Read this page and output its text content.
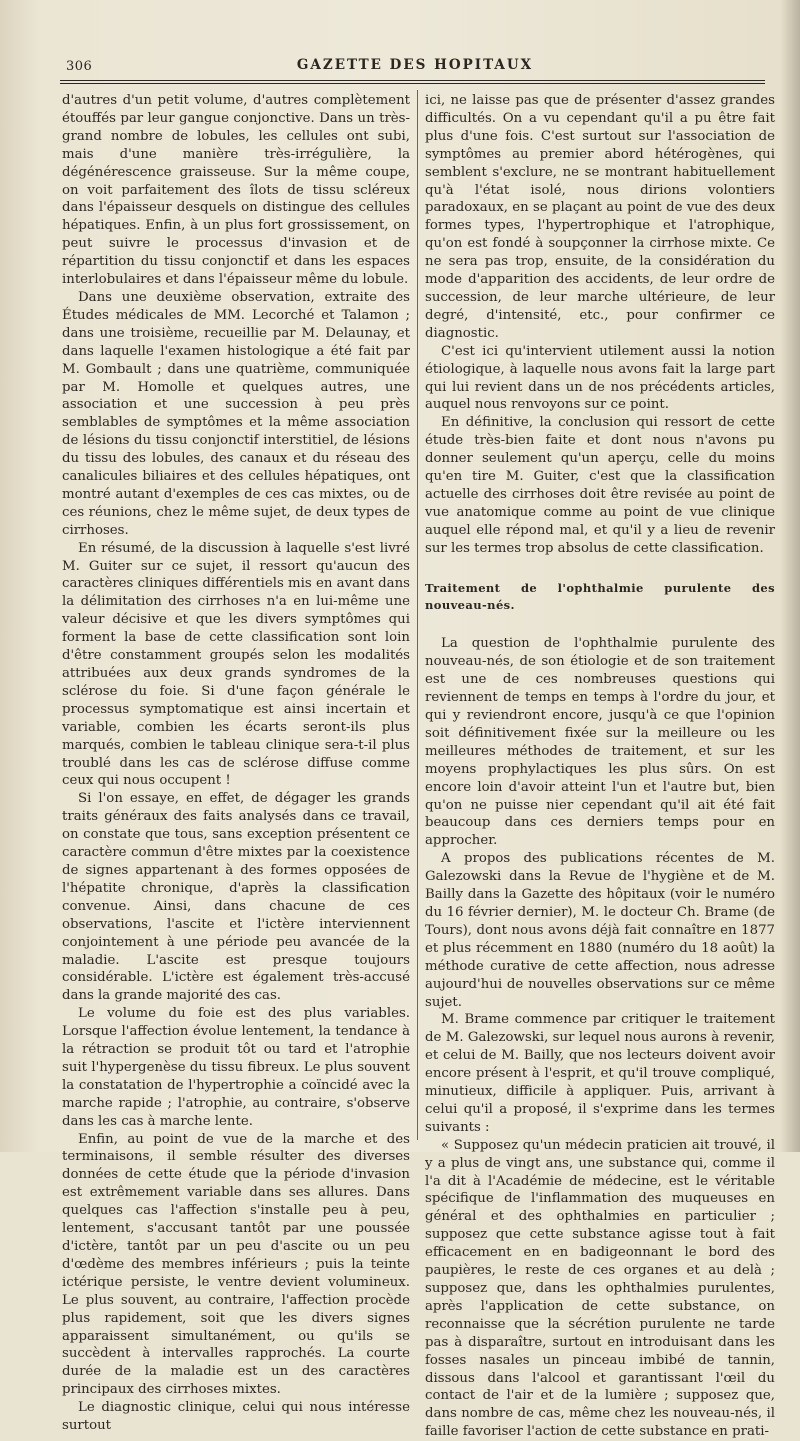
306	GAZETTE DES HOPITAUX

d'autres d'un petit volume, d'autres complètement étouffés par leur gangue conjonctive. Dans un très-grand nombre de lobules, les cellules ont subi, mais d'une manière très-irrégulière, la dégénérescence graisseuse. Sur la même coupe, on voit parfaitement des îlots de tissu scléreux dans l'épaisseur desquels on distingue des cellules hépatiques. Enfin, à un plus fort grossissement, on peut suivre le processus d'invasion et de répartition du tissu conjonctif et dans les espaces interlobulaires et dans l'épaisseur même du lobule.

Dans une deuxième observation, extraite des Études médicales de MM. Lecorché et Talamon ; dans une troisième, recueillie par M. Delaunay, et dans laquelle l'examen histologique a été fait par M. Gombault ; dans une quatrième, communiquée par M. Homolle et quelques autres, une association et une succession à peu près semblables de symptômes et la même association de lésions du tissu conjonctif interstitiel, de lésions du tissu des lobules, des canaux et du réseau des canalicules biliaires et des cellules hépatiques, ont montré autant d'exemples de ces cas mixtes, ou de ces réunions, chez le même sujet, de deux types de cirrhoses.

En résumé, de la discussion à laquelle s'est livré M. Guiter sur ce sujet, il ressort qu'aucun des caractères cliniques différentiels mis en avant dans la délimitation des cirrhoses n'a en lui-même une valeur décisive et que les divers symptômes qui forment la base de cette classification sont loin d'être constamment groupés selon les modalités attribuées aux deux grands syndromes de la sclérose du foie. Si d'une façon générale le processus symptomatique est ainsi incertain et variable, combien les écarts seront-ils plus marqués, combien le tableau clinique sera-t-il plus troublé dans les cas de sclérose diffuse comme ceux qui nous occupent !

Si l'on essaye, en effet, de dégager les grands traits généraux des faits analysés dans ce travail, on constate que tous, sans exception présentent ce caractère commun d'être mixtes par la coexistence de signes appartenant à des formes opposées de l'hépatite chronique, d'après la classification convenue. Ainsi, dans chacune de ces observations, l'ascite et l'ictère interviennent conjointement à une période peu avancée de la maladie. L'ascite est presque toujours considérable. L'ictère est également très-accusé dans la grande majorité des cas.

Le volume du foie est des plus variables. Lorsque l'affection évolue lentement, la tendance à la rétraction se produit tôt ou tard et l'atrophie suit l'hypergenèse du tissu fibreux. Le plus souvent la constatation de l'hypertrophie a coïncidé avec la marche rapide ; l'atrophie, au contraire, s'observe dans les cas à marche lente.

Enfin, au point de vue de la marche et des terminaisons, il semble résulter des diverses données de cette étude que la période d'invasion est extrêmement variable dans ses allures. Dans quelques cas l'affection s'installe peu à peu, lentement, s'accusant tantôt par une poussée d'ictère, tantôt par un peu d'ascite ou un peu d'œdème des membres inférieurs ; puis la teinte ictérique persiste, le ventre devient volumineux. Le plus souvent, au contraire, l'affection procède plus rapidement, soit que les divers signes apparaissent simultanément, ou qu'ils se succèdent à intervalles rapprochés. La courte durée de la maladie est un des caractères principaux des cirrhoses mixtes.

Le diagnostic clinique, celui qui nous intéresse surtout

ici, ne laisse pas que de présenter d'assez grandes difficultés. On a vu cependant qu'il a pu être fait plus d'une fois. C'est surtout sur l'association de symptômes au premier abord hétérogènes, qui semblent s'exclure, ne se montrant habituellement qu'à l'état isolé, nous dirions volontiers paradoxaux, en se plaçant au point de vue des deux formes types, l'hypertrophique et l'atrophique, qu'on est fondé à soupçonner la cirrhose mixte. Ce ne sera pas trop, ensuite, de la considération du mode d'apparition des accidents, de leur ordre de succession, de leur marche ultérieure, de leur degré, d'intensité, etc., pour confirmer ce diagnostic.

C'est ici qu'intervient utilement aussi la notion étiologique, à laquelle nous avons fait la large part qui lui revient dans un de nos précédents articles, auquel nous renvoyons sur ce point.

En définitive, la conclusion qui ressort de cette étude très-bien faite et dont nous n'avons pu donner seulement qu'un aperçu, celle du moins qu'en tire M. Guiter, c'est que la classification actuelle des cirrhoses doit être revisée au point de vue anatomique comme au point de vue clinique auquel elle répond mal, et qu'il y a lieu de revenir sur les termes trop absolus de cette classification.

Traitement de l'ophthalmie purulente des nouveau-nés.

La question de l'ophthalmie purulente des nouveau-nés, de son étiologie et de son traitement est une de ces nombreuses questions qui reviennent de temps en temps à l'ordre du jour, et qui y reviendront encore, jusqu'à ce que l'opinion soit définitivement fixée sur la meilleure ou les meilleures méthodes de traitement, et sur les moyens prophylactiques les plus sûrs. On est encore loin d'avoir atteint l'un et l'autre but, bien qu'on ne puisse nier cependant qu'il ait été fait beaucoup dans ces derniers temps pour en approcher.

A propos des publications récentes de M. Galezowski dans la Revue de l'hygiène et de M. Bailly dans la Gazette des hôpitaux (voir le numéro du 16 février dernier), M. le docteur Ch. Brame (de Tours), dont nous avons déjà fait connaître en 1877 et plus récemment en 1880 (numéro du 18 août) la méthode curative de cette affection, nous adresse aujourd'hui de nouvelles observations sur ce même sujet.

M. Brame commence par critiquer le traitement de M. Galezowski, sur lequel nous aurons à revenir, et celui de M. Bailly, que nos lecteurs doivent avoir encore présent à l'esprit, et qu'il trouve compliqué, minutieux, difficile à appliquer. Puis, arrivant à celui qu'il a proposé, il s'exprime dans les termes suivants :

« Supposez qu'un médecin praticien ait trouvé, il y a plus de vingt ans, une substance qui, comme il l'a dit à l'Académie de médecine, est le véritable spécifique de l'inflammation des muqueuses en général et des ophthalmies en particulier ; supposez que cette substance agisse tout à fait efficacement en en badigeonnant le bord des paupières, le reste de ces organes et au delà ; supposez que, dans les ophthalmies purulentes, après l'application de cette substance, on reconnaisse que la sécrétion purulente ne tarde pas à disparaître, surtout en introduisant dans les fosses nasales un pinceau imbibé de tannin, dissous dans l'alcool et garantissant l'œil du contact de l'air et de la lumière ; supposez que, dans nombre de cas, même chez les nouveau-nés, il faille favoriser l'action de cette substance en prati-
